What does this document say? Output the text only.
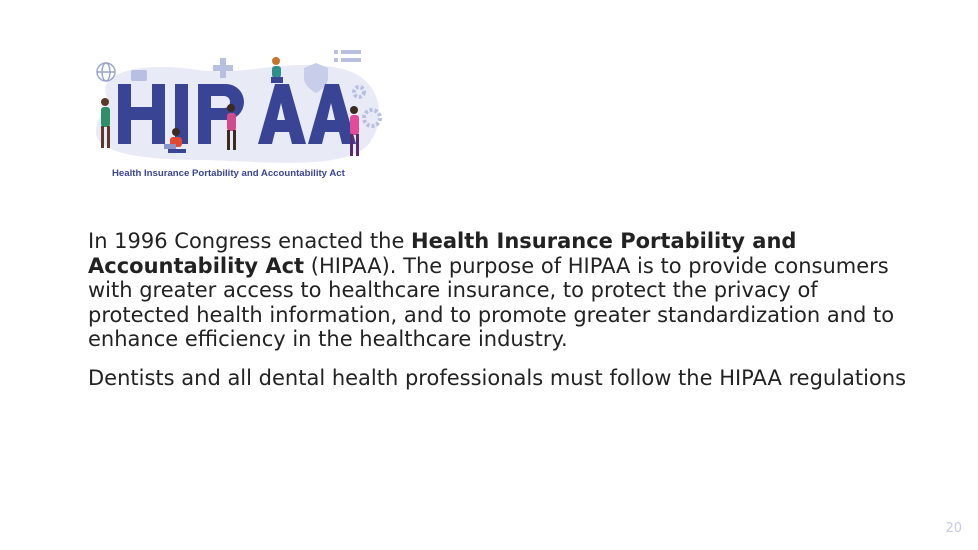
Health Insurance Portability and Accountability Act

In 1996 Congress enacted the Health Insurance Portability and Accountability Act (HIPAA). The purpose of HIPAA is to provide consumers with greater access to healthcare insurance, to protect the privacy of protected health information, and to promote greater standardization and to enhance efficiency in the healthcare industry.

Dentists and all dental health professionals must follow the HIPAA regulations

20
